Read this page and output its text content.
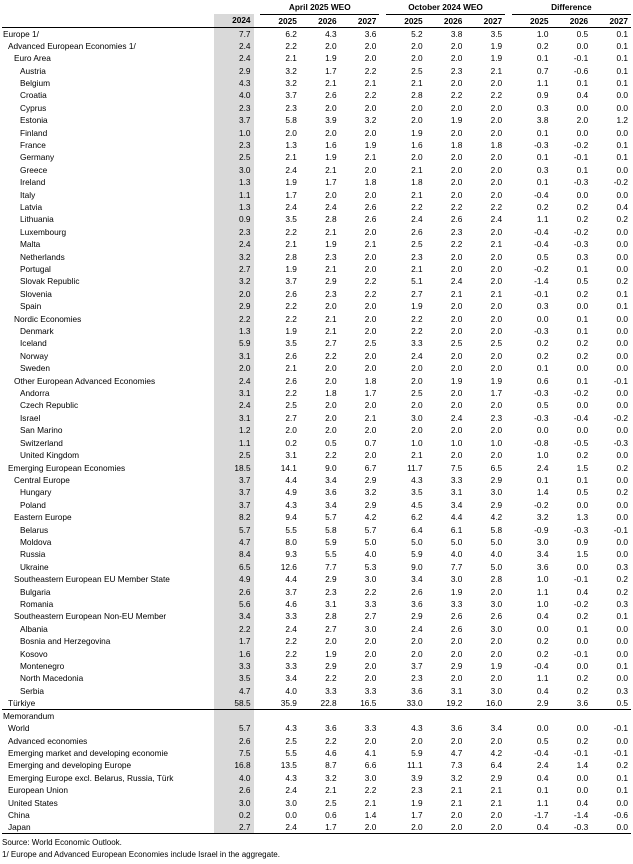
			April 2025 WEO				October 2024 WEO				Difference		
	2024		2025	2026	2027		2025	2026	2027		2025	2026	2027
Europe 1/	7.7		6.2	4.3	3.6		5.2	3.8	3.5		1.0	0.5	0.1
Advanced European Economies 1/	2.4		2.2	2.0	2.0		2.0	2.0	1.9		0.2	0.0	0.1
Euro Area	2.4		2.1	1.9	2.0		2.0	2.0	1.9		0.1	-0.1	0.1
Austria	2.9		3.2	1.7	2.2		2.5	2.3	2.1		0.7	-0.6	0.1
Belgium	4.3		3.2	2.1	2.1		2.1	2.0	2.0		1.1	0.1	0.1
Croatia	4.0		3.7	2.6	2.2		2.8	2.2	2.2		0.9	0.4	0.0
Cyprus	2.3		2.3	2.0	2.0		2.0	2.0	2.0		0.3	0.0	0.0
Estonia	3.7		5.8	3.9	3.2		2.0	1.9	2.0		3.8	2.0	1.2
Finland	1.0		2.0	2.0	2.0		1.9	2.0	2.0		0.1	0.0	0.0
France	2.3		1.3	1.6	1.9		1.6	1.8	1.8		-0.3	-0.2	0.1
Germany	2.5		2.1	1.9	2.1		2.0	2.0	2.0		0.1	-0.1	0.1
Greece	3.0		2.4	2.1	2.0		2.1	2.0	2.0		0.3	0.1	0.0
Ireland	1.3		1.9	1.7	1.8		1.8	2.0	2.0		0.1	-0.3	-0.2
Italy	1.1		1.7	2.0	2.0		2.1	2.0	2.0		-0.4	0.0	0.0
Latvia	1.3		2.4	2.4	2.6		2.2	2.2	2.2		0.2	0.2	0.4
Lithuania	0.9		3.5	2.8	2.6		2.4	2.6	2.4		1.1	0.2	0.2
Luxembourg	2.3		2.2	2.1	2.0		2.6	2.3	2.0		-0.4	-0.2	0.0
Malta	2.4		2.1	1.9	2.1		2.5	2.2	2.1		-0.4	-0.3	0.0
Netherlands	3.2		2.8	2.3	2.0		2.3	2.0	2.0		0.5	0.3	0.0
Portugal	2.7		1.9	2.1	2.0		2.1	2.0	2.0		-0.2	0.1	0.0
Slovak Republic	3.2		3.7	2.9	2.2		5.1	2.4	2.0		-1.4	0.5	0.2
Slovenia	2.0		2.6	2.3	2.2		2.7	2.1	2.1		-0.1	0.2	0.1
Spain	2.9		2.2	2.0	2.0		1.9	2.0	2.0		0.3	0.0	0.1
Nordic Economies	2.2		2.2	2.1	2.0		2.2	2.0	2.0		0.0	0.1	0.0
Denmark	1.3		1.9	2.1	2.0		2.2	2.0	2.0		-0.3	0.1	0.0
Iceland	5.9		3.5	2.7	2.5		3.3	2.5	2.5		0.2	0.2	0.0
Norway	3.1		2.6	2.2	2.0		2.4	2.0	2.0		0.2	0.2	0.0
Sweden	2.0		2.1	2.0	2.0		2.0	2.0	2.0		0.1	0.0	0.0
Other European Advanced Economies	2.4		2.6	2.0	1.8		2.0	1.9	1.9		0.6	0.1	-0.1
Andorra	3.1		2.2	1.8	1.7		2.5	2.0	1.7		-0.3	-0.2	0.0
Czech Republic	2.4		2.5	2.0	2.0		2.0	2.0	2.0		0.5	0.0	0.0
Israel	3.1		2.7	2.0	2.1		3.0	2.4	2.3		-0.3	-0.4	-0.2
San Marino	1.2		2.0	2.0	2.0		2.0	2.0	2.0		0.0	0.0	0.0
Switzerland	1.1		0.2	0.5	0.7		1.0	1.0	1.0		-0.8	-0.5	-0.3
United Kingdom	2.5		3.1	2.2	2.0		2.1	2.0	2.0		1.0	0.2	0.0
Emerging European Economies	18.5		14.1	9.0	6.7		11.7	7.5	6.5		2.4	1.5	0.2
Central Europe	3.7		4.4	3.4	2.9		4.3	3.3	2.9		0.1	0.1	0.0
Hungary	3.7		4.9	3.6	3.2		3.5	3.1	3.0		1.4	0.5	0.2
Poland	3.7		4.3	3.4	2.9		4.5	3.4	2.9		-0.2	0.0	0.0
Eastern Europe	8.2		9.4	5.7	4.2		6.2	4.4	4.2		3.2	1.3	0.0
Belarus	5.7		5.5	5.8	5.7		6.4	6.1	5.8		-0.9	-0.3	-0.1
Moldova	4.7		8.0	5.9	5.0		5.0	5.0	5.0		3.0	0.9	0.0
Russia	8.4		9.3	5.5	4.0		5.9	4.0	4.0		3.4	1.5	0.0
Ukraine	6.5		12.6	7.7	5.3		9.0	7.7	5.0		3.6	0.0	0.3
Southeastern European EU Member State	4.9		4.4	2.9	3.0		3.4	3.0	2.8		1.0	-0.1	0.2
Bulgaria	2.6		3.7	2.3	2.2		2.6	1.9	2.0		1.1	0.4	0.2
Romania	5.6		4.6	3.1	3.3		3.6	3.3	3.0		1.0	-0.2	0.3
Southeastern European Non-EU Member	3.4		3.3	2.8	2.7		2.9	2.6	2.6		0.4	0.2	0.1
Albania	2.2		2.4	2.7	3.0		2.4	2.6	3.0		0.0	0.1	0.0
Bosnia and Herzegovina	1.7		2.2	2.0	2.0		2.0	2.0	2.0		0.2	0.0	0.0
Kosovo	1.6		2.2	1.9	2.0		2.0	2.0	2.0		0.2	-0.1	0.0
Montenegro	3.3		3.3	2.9	2.0		3.7	2.9	1.9		-0.4	0.0	0.1
North Macedonia	3.5		3.4	2.2	2.0		2.3	2.0	2.0		1.1	0.2	0.0
Serbia	4.7		4.0	3.3	3.3		3.6	3.1	3.0		0.4	0.2	0.3
Türkiye	58.5		35.9	22.8	16.5		33.0	19.2	16.0		2.9	3.6	0.5
Memorandum													
World	5.7		4.3	3.6	3.3		4.3	3.6	3.4		0.0	0.0	-0.1
Advanced economies	2.6		2.5	2.2	2.0		2.0	2.0	2.0		0.5	0.2	0.0
Emerging market and developing economie	7.5		5.5	4.6	4.1		5.9	4.7	4.2		-0.4	-0.1	-0.1
Emerging and developing Europe	16.8		13.5	8.7	6.6		11.1	7.3	6.4		2.4	1.4	0.2
Emerging Europe excl. Belarus, Russia, Türk	4.0		4.3	3.2	3.0		3.9	3.2	2.9		0.4	0.0	0.1
European Union	2.6		2.4	2.1	2.2		2.3	2.1	2.1		0.1	0.0	0.1
United States	3.0		3.0	2.5	2.1		1.9	2.1	2.1		1.1	0.4	0.0
China	0.2		0.0	0.6	1.4		1.7	2.0	2.0		-1.7	-1.4	-0.6
Japan	2.7		2.4	1.7	2.0		2.0	2.0	2.0		0.4	-0.3	0.0
Source: World Economic Outlook.
1/ Europe and Advanced European Economies include Israel in the aggregate.
